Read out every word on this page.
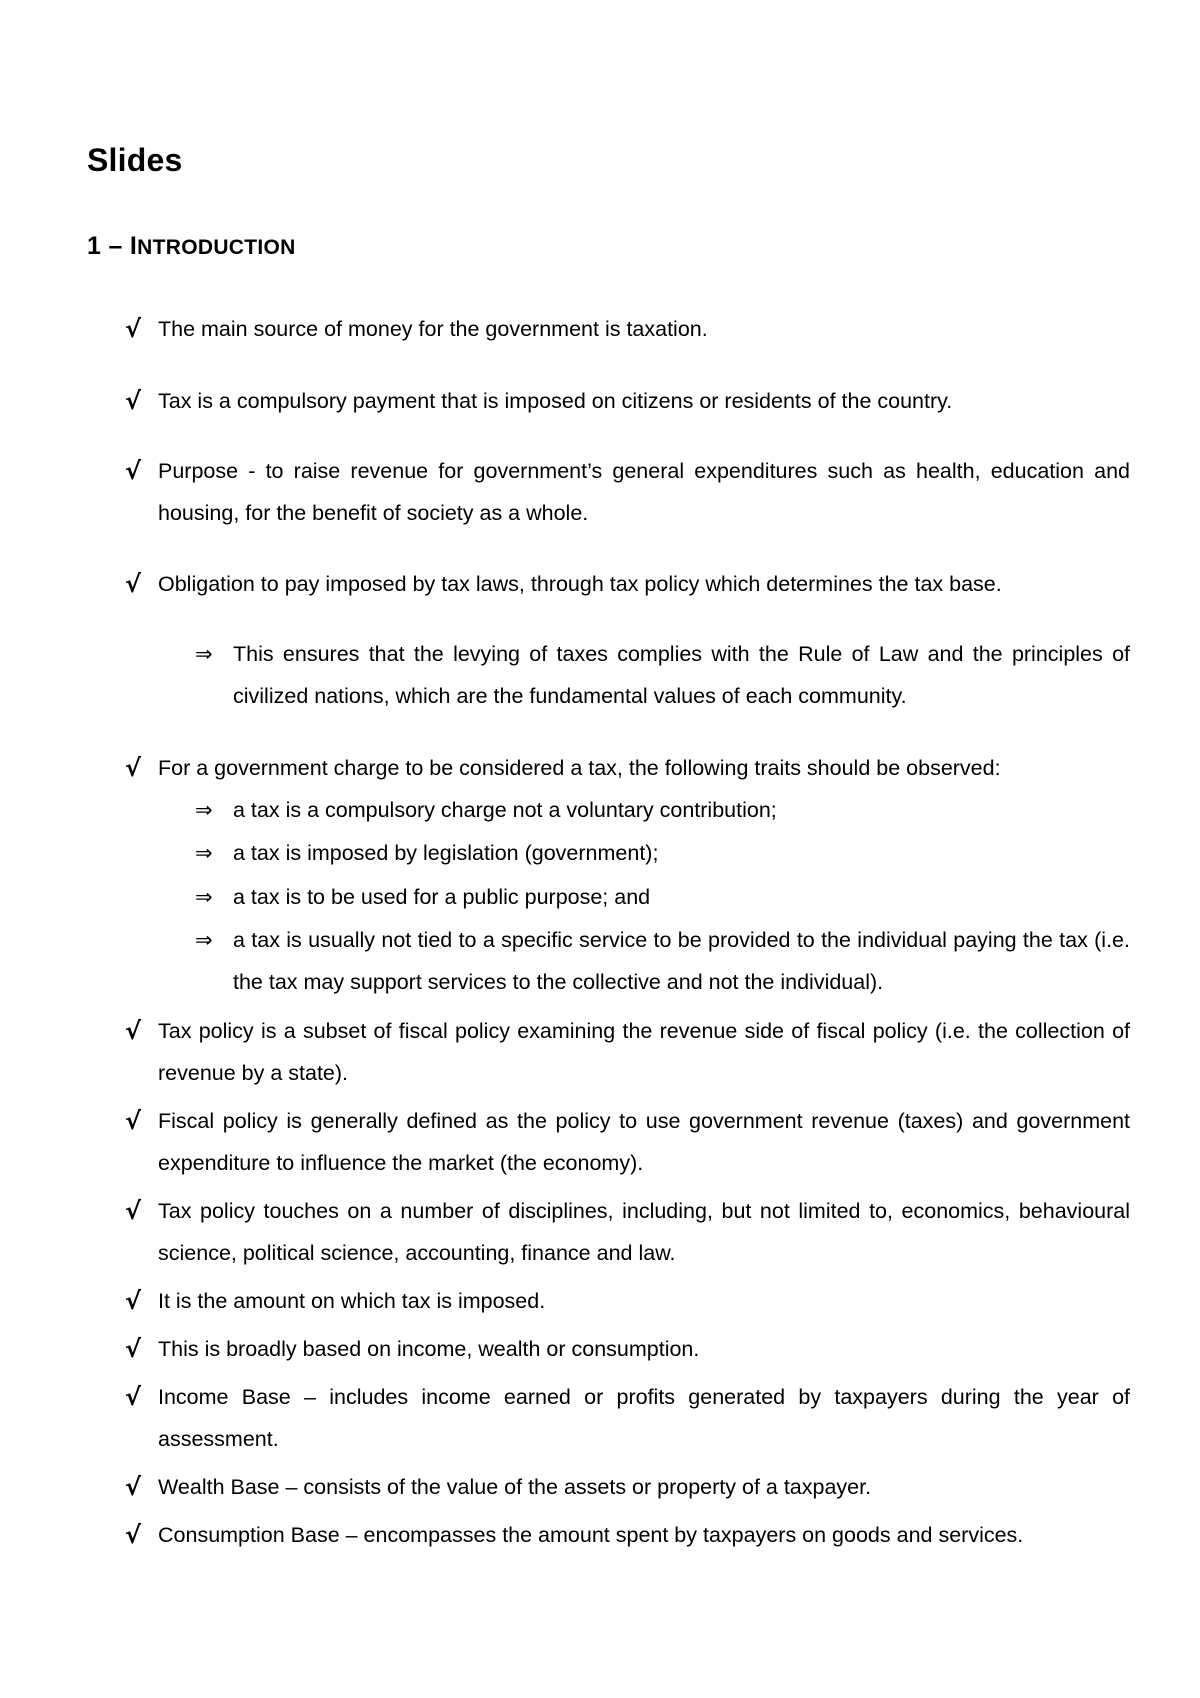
Slides
1 – INTRODUCTION
√ The main source of money for the government is taxation.
√ Tax is a compulsory payment that is imposed on citizens or residents of the country.
√ Purpose - to raise revenue for government’s general expenditures such as health, education and housing, for the benefit of society as a whole.
√ Obligation to pay imposed by tax laws, through tax policy which determines the tax base.
⇒ This ensures that the levying of taxes complies with the Rule of Law and the principles of civilized nations, which are the fundamental values of each community.
√ For a government charge to be considered a tax, the following traits should be observed:
⇒ a tax is a compulsory charge not a voluntary contribution;
⇒ a tax is imposed by legislation (government);
⇒ a tax is to be used for a public purpose; and
⇒ a tax is usually not tied to a specific service to be provided to the individual paying the tax (i.e. the tax may support services to the collective and not the individual).
√ Tax policy is a subset of fiscal policy examining the revenue side of fiscal policy (i.e. the collection of revenue by a state).
√ Fiscal policy is generally defined as the policy to use government revenue (taxes) and government expenditure to influence the market (the economy).
√ Tax policy touches on a number of disciplines, including, but not limited to, economics, behavioural science, political science, accounting, finance and law.
√ It is the amount on which tax is imposed.
√ This is broadly based on income, wealth or consumption.
√ Income Base – includes income earned or profits generated by taxpayers during the year of assessment.
√ Wealth Base – consists of the value of the assets or property of a taxpayer.
√ Consumption Base – encompasses the amount spent by taxpayers on goods and services.
